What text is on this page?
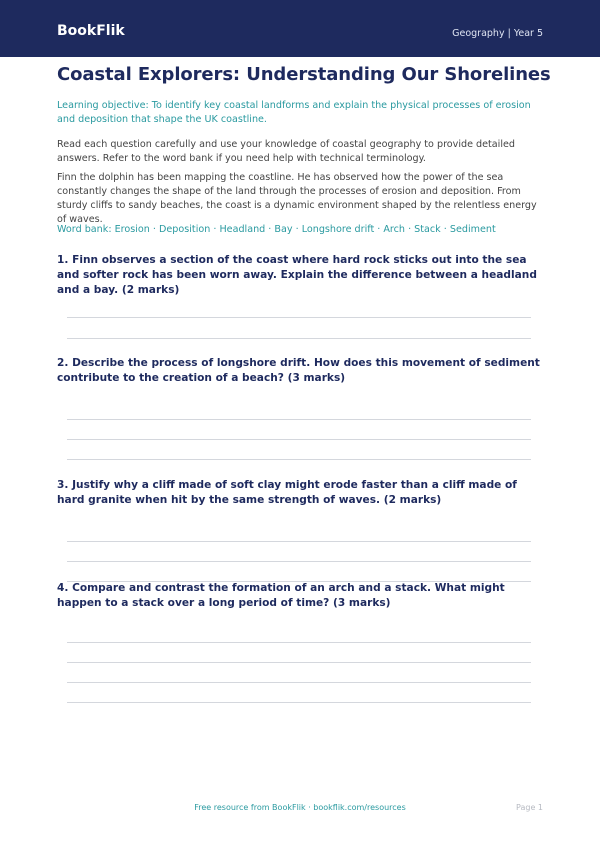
BookFlik	Geography | Year 5
Coastal Explorers: Understanding Our Shorelines

Learning objective: To identify key coastal landforms and explain the physical processes of erosion and deposition that shape the UK coastline.

Read each question carefully and use your knowledge of coastal geography to provide detailed answers. Refer to the word bank if you need help with technical terminology.

Finn the dolphin has been mapping the coastline. He has observed how the power of the sea constantly changes the shape of the land through the processes of erosion and deposition. From sturdy cliffs to sandy beaches, the coast is a dynamic environment shaped by the relentless energy of waves.

Word bank: Erosion · Deposition · Headland · Bay · Longshore drift · Arch · Stack · Sediment

1. Finn observes a section of the coast where hard rock sticks out into the sea and softer rock has been worn away. Explain the difference between a headland and a bay. (2 marks)

2. Describe the process of longshore drift. How does this movement of sediment contribute to the creation of a beach? (3 marks)

3. Justify why a cliff made of soft clay might erode faster than a cliff made of hard granite when hit by the same strength of waves. (2 marks)

4. Compare and contrast the formation of an arch and a stack. What might happen to a stack over a long period of time? (3 marks)

Free resource from BookFlik · bookflik.com/resources	Page 1
